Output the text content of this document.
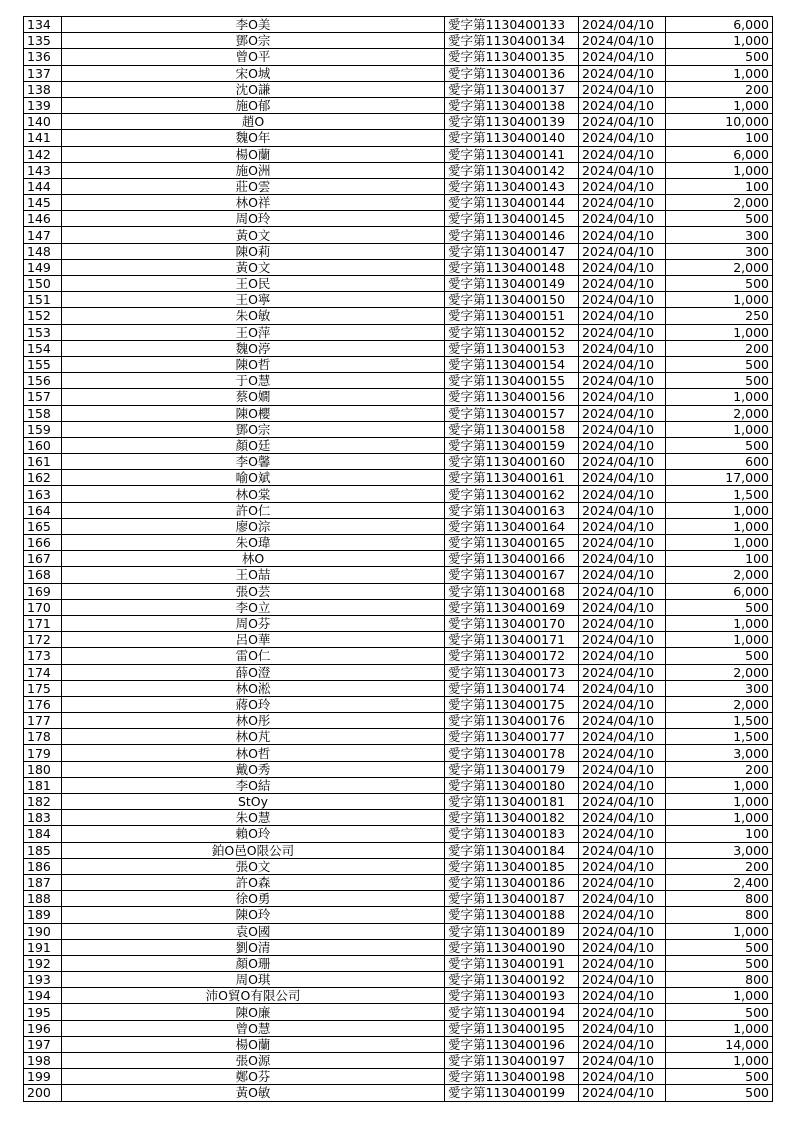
134	李O美	愛字第1130400133	2024/04/10	6,000
135	鄧O宗	愛字第1130400134	2024/04/10	1,000
136	曾O平	愛字第1130400135	2024/04/10	500
137	宋O城	愛字第1130400136	2024/04/10	1,000
138	沈O謙	愛字第1130400137	2024/04/10	200
139	施O郁	愛字第1130400138	2024/04/10	1,000
140	趙O	愛字第1130400139	2024/04/10	10,000
141	魏O年	愛字第1130400140	2024/04/10	100
142	楊O蘭	愛字第1130400141	2024/04/10	6,000
143	施O洲	愛字第1130400142	2024/04/10	1,000
144	莊O雲	愛字第1130400143	2024/04/10	100
145	林O祥	愛字第1130400144	2024/04/10	2,000
146	周O玲	愛字第1130400145	2024/04/10	500
147	黃O文	愛字第1130400146	2024/04/10	300
148	陳O莉	愛字第1130400147	2024/04/10	300
149	黃O文	愛字第1130400148	2024/04/10	2,000
150	王O民	愛字第1130400149	2024/04/10	500
151	王O寧	愛字第1130400150	2024/04/10	1,000
152	朱O敏	愛字第1130400151	2024/04/10	250
153	王O萍	愛字第1130400152	2024/04/10	1,000
154	魏O渟	愛字第1130400153	2024/04/10	200
155	陳O哲	愛字第1130400154	2024/04/10	500
156	于O慧	愛字第1130400155	2024/04/10	500
157	蔡O嫺	愛字第1130400156	2024/04/10	1,000
158	陳O櫻	愛字第1130400157	2024/04/10	2,000
159	鄧O宗	愛字第1130400158	2024/04/10	1,000
160	顏O廷	愛字第1130400159	2024/04/10	500
161	李O馨	愛字第1130400160	2024/04/10	600
162	喻O斌	愛字第1130400161	2024/04/10	17,000
163	林O棠	愛字第1130400162	2024/04/10	1,500
164	許O仁	愛字第1130400163	2024/04/10	1,000
165	廖O淙	愛字第1130400164	2024/04/10	1,000
166	朱O瑋	愛字第1130400165	2024/04/10	1,000
167	林O	愛字第1130400166	2024/04/10	100
168	王O喆	愛字第1130400167	2024/04/10	2,000
169	張O芸	愛字第1130400168	2024/04/10	6,000
170	李O立	愛字第1130400169	2024/04/10	500
171	周O芬	愛字第1130400170	2024/04/10	1,000
172	呂O華	愛字第1130400171	2024/04/10	1,000
173	雷O仁	愛字第1130400172	2024/04/10	500
174	薛O澄	愛字第1130400173	2024/04/10	2,000
175	林O淞	愛字第1130400174	2024/04/10	300
176	蔣O玲	愛字第1130400175	2024/04/10	2,000
177	林O彤	愛字第1130400176	2024/04/10	1,500
178	林O芃	愛字第1130400177	2024/04/10	1,500
179	林O哲	愛字第1130400178	2024/04/10	3,000
180	戴O秀	愛字第1130400179	2024/04/10	200
181	李O結	愛字第1130400180	2024/04/10	1,000
182	StOy	愛字第1130400181	2024/04/10	1,000
183	朱O慧	愛字第1130400182	2024/04/10	1,000
184	賴O玲	愛字第1130400183	2024/04/10	100
185	鉑O邑O限公司	愛字第1130400184	2024/04/10	3,000
186	張O文	愛字第1130400185	2024/04/10	200
187	許O森	愛字第1130400186	2024/04/10	2,400
188	徐O勇	愛字第1130400187	2024/04/10	800
189	陳O玲	愛字第1130400188	2024/04/10	800
190	袁O國	愛字第1130400189	2024/04/10	1,000
191	劉O清	愛字第1130400190	2024/04/10	500
192	顏O珊	愛字第1130400191	2024/04/10	500
193	周O琪	愛字第1130400192	2024/04/10	800
194	沛O貿O有限公司	愛字第1130400193	2024/04/10	1,000
195	陳O廉	愛字第1130400194	2024/04/10	500
196	曾O慧	愛字第1130400195	2024/04/10	1,000
197	楊O蘭	愛字第1130400196	2024/04/10	14,000
198	張O源	愛字第1130400197	2024/04/10	1,000
199	鄭O芬	愛字第1130400198	2024/04/10	500
200	黃O敏	愛字第1130400199	2024/04/10	500
